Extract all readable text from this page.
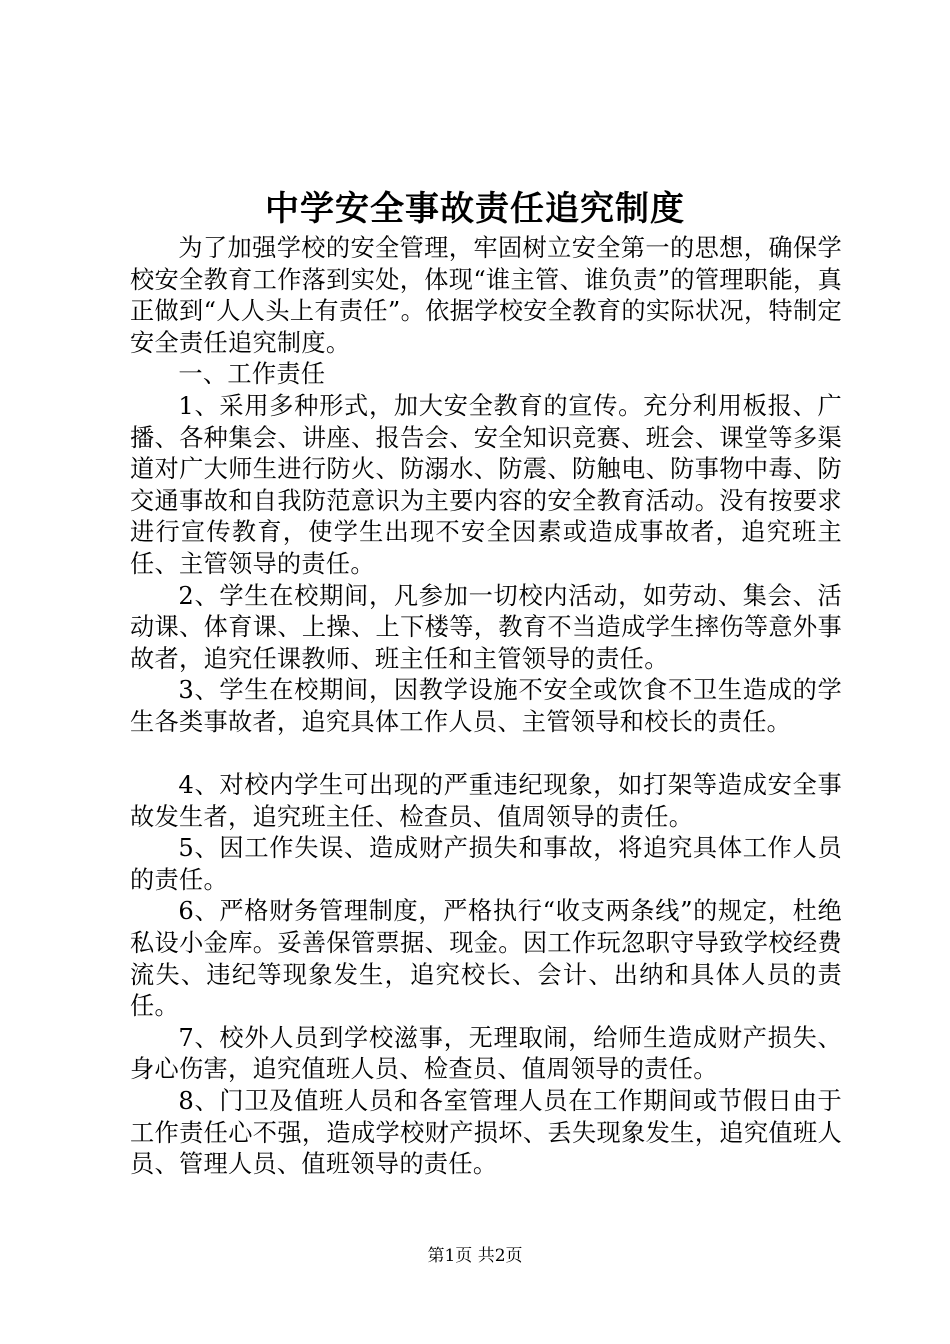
中学安全事故责任追究制度

为了加强学校的安全管理，牢固树立安全第一的思想，确保学校安全教育工作落到实处，体现“谁主管、谁负责”的管理职能，真正做到“人人头上有责任”。依据学校安全教育的实际状况，特制定安全责任追究制度。

一、工作责任

1、采用多种形式，加大安全教育的宣传。充分利用板报、广播、各种集会、讲座、报告会、安全知识竞赛、班会、课堂等多渠道对广大师生进行防火、防溺水、防震、防触电、防事物中毒、防交通事故和自我防范意识为主要内容的安全教育活动。没有按要求进行宣传教育，使学生出现不安全因素或造成事故者，追究班主任、主管领导的责任。

2、学生在校期间，凡参加一切校内活动，如劳动、集会、活动课、体育课、上操、上下楼等，教育不当造成学生摔伤等意外事故者，追究任课教师、班主任和主管领导的责任。

3、学生在校期间，因教学设施不安全或饮食不卫生造成的学生各类事故者，追究具体工作人员、主管领导和校长的责任。

4、对校内学生可出现的严重违纪现象，如打架等造成安全事故发生者，追究班主任、检查员、值周领导的责任。

5、因工作失误、造成财产损失和事故，将追究具体工作人员的责任。

6、严格财务管理制度，严格执行“收支两条线”的规定，杜绝私设小金库。妥善保管票据、现金。因工作玩忽职守导致学校经费流失、违纪等现象发生，追究校长、会计、出纳和具体人员的责任。

7、校外人员到学校滋事，无理取闹，给师生造成财产损失、身心伤害，追究值班人员、检查员、值周领导的责任。

8、门卫及值班人员和各室管理人员在工作期间或节假日由于工作责任心不强，造成学校财产损坏、丢失现象发生，追究值班人员、管理人员、值班领导的责任。

第1页 共2页
